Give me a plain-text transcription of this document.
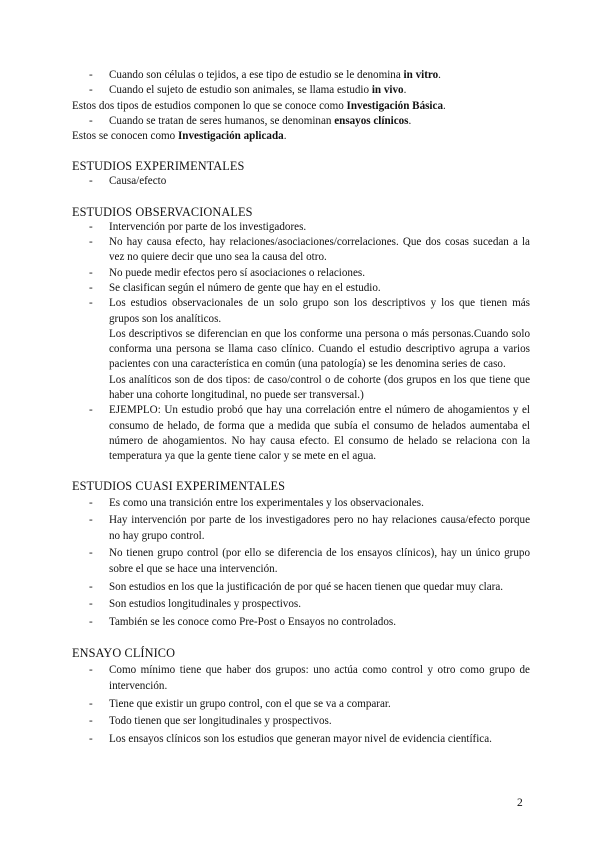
- Cuando son células o tejidos, a ese tipo de estudio se le denomina in vitro.

- Cuando el sujeto de estudio son animales, se llama estudio in vivo.

Estos dos tipos de estudios componen lo que se conoce como Investigación Básica.

- Cuando se tratan de seres humanos, se denominan ensayos clínicos.

Estos se conocen como Investigación aplicada.

ESTUDIOS EXPERIMENTALES

- Causa/efecto

ESTUDIOS OBSERVACIONALES

- Intervención por parte de los investigadores.

- No hay causa efecto, hay relaciones/asociaciones/correlaciones. Que dos cosas sucedan a la vez no quiere decir que uno sea la causa del otro.

- No puede medir efectos pero sí asociaciones o relaciones.

- Se clasifican según el número de gente que hay en el estudio.

- Los estudios observacionales de un solo grupo son los descriptivos y los que tienen más grupos son los analíticos.

Los descriptivos se diferencian en que los conforme una persona o más personas.Cuando solo conforma una persona se llama caso clínico. Cuando el estudio descriptivo agrupa a varios pacientes con una característica en común (una patología) se les denomina series de caso.

Los analíticos son de dos tipos: de caso/control o de cohorte (dos grupos en los que tiene que haber una cohorte longitudinal, no puede ser transversal.)

- EJEMPLO: Un estudio probó que hay una correlación entre el número de ahogamientos y el consumo de helado, de forma que a medida que subía el consumo de helados aumentaba el número de ahogamientos. No hay causa efecto. El consumo de helado se relaciona con la temperatura ya que la gente tiene calor y se mete en el agua.

ESTUDIOS CUASI EXPERIMENTALES

- Es como una transición entre los experimentales y los observacionales.

- Hay intervención por parte de los investigadores pero no hay relaciones causa/efecto porque no hay grupo control.

- No tienen grupo control (por ello se diferencia de los ensayos clínicos), hay un único grupo sobre el que se hace una intervención.

- Son estudios en los que la justificación de por qué se hacen tienen que quedar muy clara.

- Son estudios longitudinales y prospectivos.

- También se les conoce como Pre-Post o Ensayos no controlados.

ENSAYO CLÍNICO

- Como mínimo tiene que haber dos grupos: uno actúa como control y otro como grupo de intervención.

- Tiene que existir un grupo control, con el que se va a comparar.

- Todo tienen que ser longitudinales y prospectivos.

- Los ensayos clínicos son los estudios que generan mayor nivel de evidencia científica.

2
